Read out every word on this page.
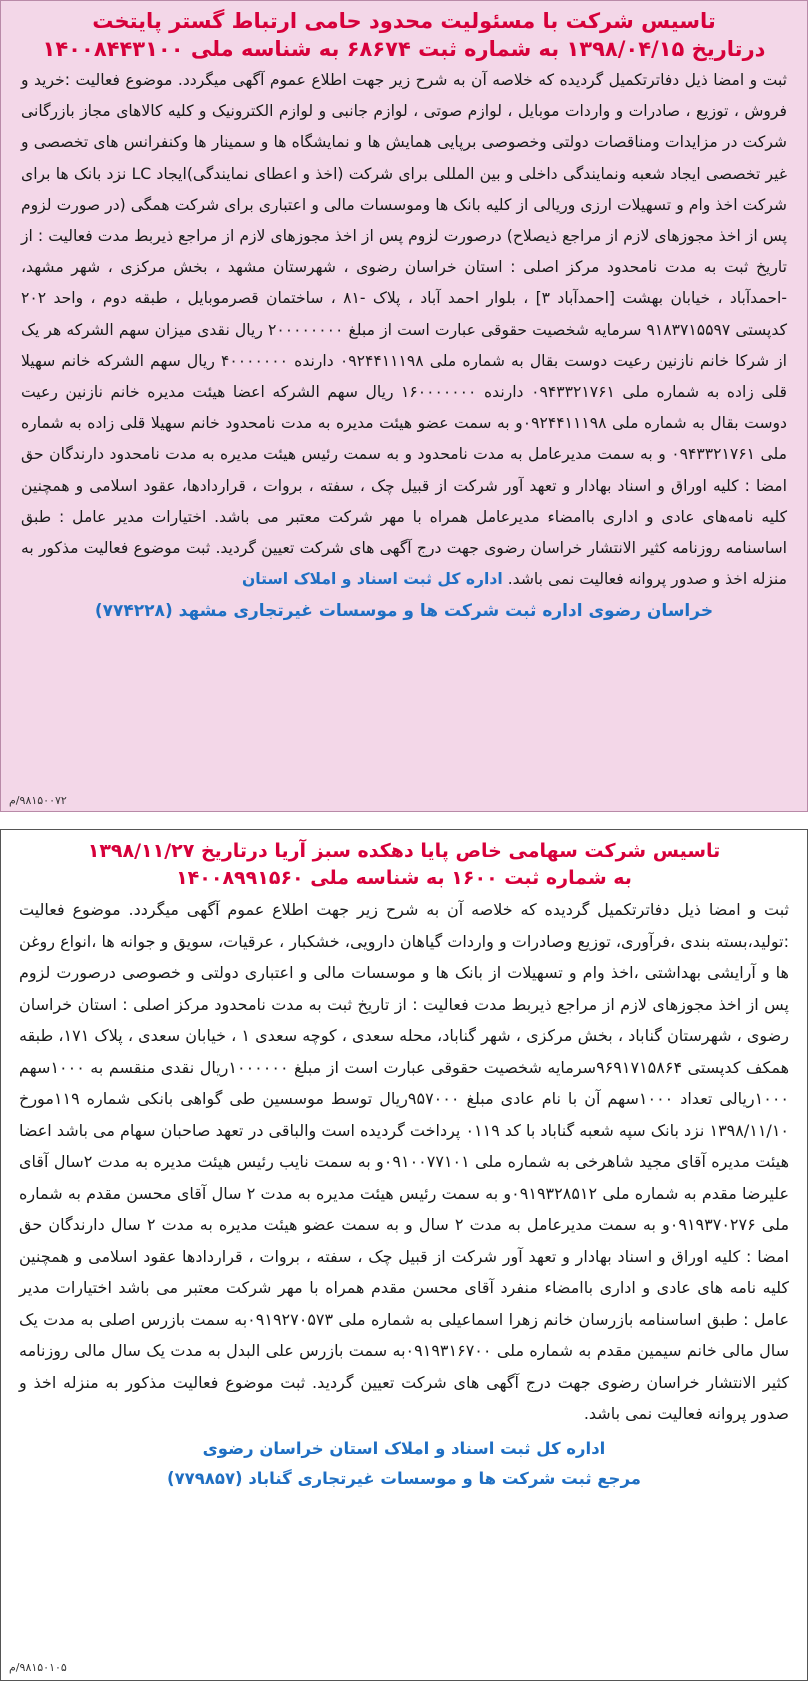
تاسیس شرکت با مسئولیت محدود حامی ارتباط گستر پایتخت
درتاریخ ۱۳۹۸/۰۴/۱۵ به شماره ثبت ۶۸۶۷۴ به شناسه ملی ۱۴۰۰۸۴۴۳۱۰۰

ثبت و امضا ذیل دفاترتکمیل گردیده که خلاصه آن به شرح زیر جهت اطلاع عموم آگهی میگردد. موضوع فعالیت :خرید و فروش ، توزیع ، صادرات و واردات موبایل ، لوازم صوتی ، لوازم جانبی و لوازم الکترونیک و کلیه کالاهای مجاز بازرگانی شرکت در مزایدات ومناقصات دولتی وخصوصی برپایی همایش ها و نمایشگاه ها و سمینار ها وکنفرانس های تخصصی و غیر تخصصی ایجاد شعبه ونمایندگی داخلی و بین المللی برای شرکت (اخذ و اعطای نمایندگی)ایجاد LC نزد بانک ها برای شرکت اخذ وام و تسهیلات ارزی وریالی از کلیه بانک ها وموسسات مالی و اعتباری برای شرکت همگی (در صورت لزوم پس از اخذ مجوزهای لازم از مراجع ذیصلاح) درصورت لزوم پس از اخذ مجوزهای لازم از مراجع ذیربط مدت فعالیت : از تاریخ ثبت به مدت نامحدود مرکز اصلی : استان خراسان رضوی ، شهرستان مشهد ، بخش مرکزی ، شهر مشهد، -احمدآباد ، خیابان بهشت [احمدآباد ۳] ، بلوار احمد آباد ، پلاک -۸۱ ، ساختمان قصرموبایل ، طبقه دوم ، واحد ۲۰۲ کدپستی ۹۱۸۳۷۱۵۵۹۷ سرمایه شخصیت حقوقی عبارت است از مبلغ ۲۰۰۰۰۰۰۰۰ ریال نقدی میزان سهم الشرکه هر یک از شرکا خانم نازنین رعیت دوست بقال به شماره ملی ۰۹۲۴۴۱۱۱۹۸ دارنده ۴۰۰۰۰۰۰۰ ریال سهم الشرکه خانم سهیلا قلی زاده به شماره ملی ۰۹۴۳۳۲۱۷۶۱ دارنده ۱۶۰۰۰۰۰۰۰ ریال سهم الشرکه اعضا هیئت مدیره خانم نازنین رعیت دوست بقال به شماره ملی ۰۹۲۴۴۱۱۱۹۸و به سمت عضو هیئت مدیره به مدت نامحدود خانم سهیلا قلی زاده به شماره ملی ۰۹۴۳۳۲۱۷۶۱ و به سمت مدیرعامل به مدت نامحدود و به سمت رئیس هیئت مدیره به مدت نامحدود دارندگان حق امضا : کلیه اوراق و اسناد بهادار و تعهد آور شرکت از قبیل چک ، سفته ، بروات ، قرارداد‌ها، عقود اسلامی و همچنین کلیه نامه‌های عادی و اداری باامضاء مدیرعامل همراه با مهر شرکت معتبر می باشد. اختیارات مدیر عامل : طبق اساسنامه روزنامه کثیر الانتشار خراسان رضوی جهت درج آگهی های شرکت تعیین گردید. ثبت موضوع فعالیت مذکور به منزله اخذ و صدور پروانه فعالیت نمی باشد. اداره کل ثبت اسناد و املاک استان

خراسان رضوی اداره ثبت شرکت ها و موسسات غیرتجاری مشهد (۷۷۴۲۲۸)

۹۸۱۵۰۰۷۲/م
تاسیس شرکت سهامی خاص پایا دهکده سبز آریا درتاریخ ۱۳۹۸/۱۱/۲۷
به شماره ثبت ۱۶۰۰ به شناسه ملی ۱۴۰۰۸۹۹۱۵۶۰

ثبت و امضا ذیل دفاترتکمیل گردیده که خلاصه آن به شرح زیر جهت اطلاع عموم آگهی میگردد. موضوع فعالیت :تولید،بسته بندی ،فرآوری، توزیع وصادرات و واردات گیاهان دارویی، خشکبار ، عرقیات، سویق و جوانه ها ،انواع روغن ها و آرایشی بهداشتی ،اخذ وام و تسهیلات از بانک ها و موسسات مالی و اعتباری دولتی و خصوصی درصورت لزوم پس از اخذ مجوزهای لازم از مراجع ذیربط مدت فعالیت : از تاریخ ثبت به مدت نامحدود مرکز اصلی : استان خراسان رضوی ، شهرستان گناباد ، بخش مرکزی ، شهر گناباد، محله سعدی ، کوچه سعدی ۱ ، خیابان سعدی ، پلاک ۱۷۱، طبقه همکف کدپستی ۹۶۹۱۷۱۵۸۶۴سرمایه شخصیت حقوقی عبارت است از مبلغ ۱۰۰۰۰۰۰ریال نقدی منقسم به ۱۰۰۰سهم ۱۰۰۰ریالی تعداد ۱۰۰۰سهم آن با نام عادی مبلغ ۹۵۷۰۰۰ریال توسط موسسین طی گواهی بانکی شماره ۱۱۹مورخ ۱۳۹۸/۱۱/۱۰ نزد بانک سپه شعبه گناباد با کد ۰۱۱۹ پرداخت گردیده است والباقی در تعهد صاحبان سهام می باشد اعضا هیئت مدیره آقای مجید شاهرخی به شماره ملی ۰۹۱۰۰۷۷۱۰۱و به سمت نایب رئیس هیئت مدیره به مدت ۲سال آقای علیرضا مقدم به شماره ملی ۰۹۱۹۳۲۸۵۱۲و به سمت رئیس هیئت مدیره به مدت ۲ سال آقای محسن مقدم به شماره ملی ۰۹۱۹۳۷۰۲۷۶و به سمت مدیرعامل به مدت ۲ سال و به سمت عضو هیئت مدیره به مدت ۲ سال دارندگان حق امضا : کلیه اوراق و اسناد بهادار و تعهد آور شرکت از قبیل چک ، سفته ، بروات ، قراردادها عقود اسلامی و همچنین کلیه نامه های عادی و اداری باامضاء منفرد آقای محسن مقدم همراه با مهر شرکت معتبر می باشد اختیارات مدیر عامل : طبق اساسنامه بازرسان خانم زهرا اسماعیلی به شماره ملی ۰۹۱۹۲۷۰۵۷۳به سمت بازرس اصلی به مدت یک سال مالی خانم سیمین مقدم به شماره ملی ۰۹۱۹۳۱۶۷۰۰به سمت بازرس علی البدل به مدت یک سال مالی روزنامه کثیر الانتشار خراسان رضوی جهت درج آگهی های شرکت تعیین گردید. ثبت موضوع فعالیت مذکور به منزله اخذ و صدور پروانه فعالیت نمی باشد.

اداره کل ثبت اسناد و املاک استان خراسان رضوی

مرجع ثبت شرکت ها و موسسات غیرتجاری گناباد (۷۷۹۸۵۷)

۹۸۱۵۰۱۰۵/م
